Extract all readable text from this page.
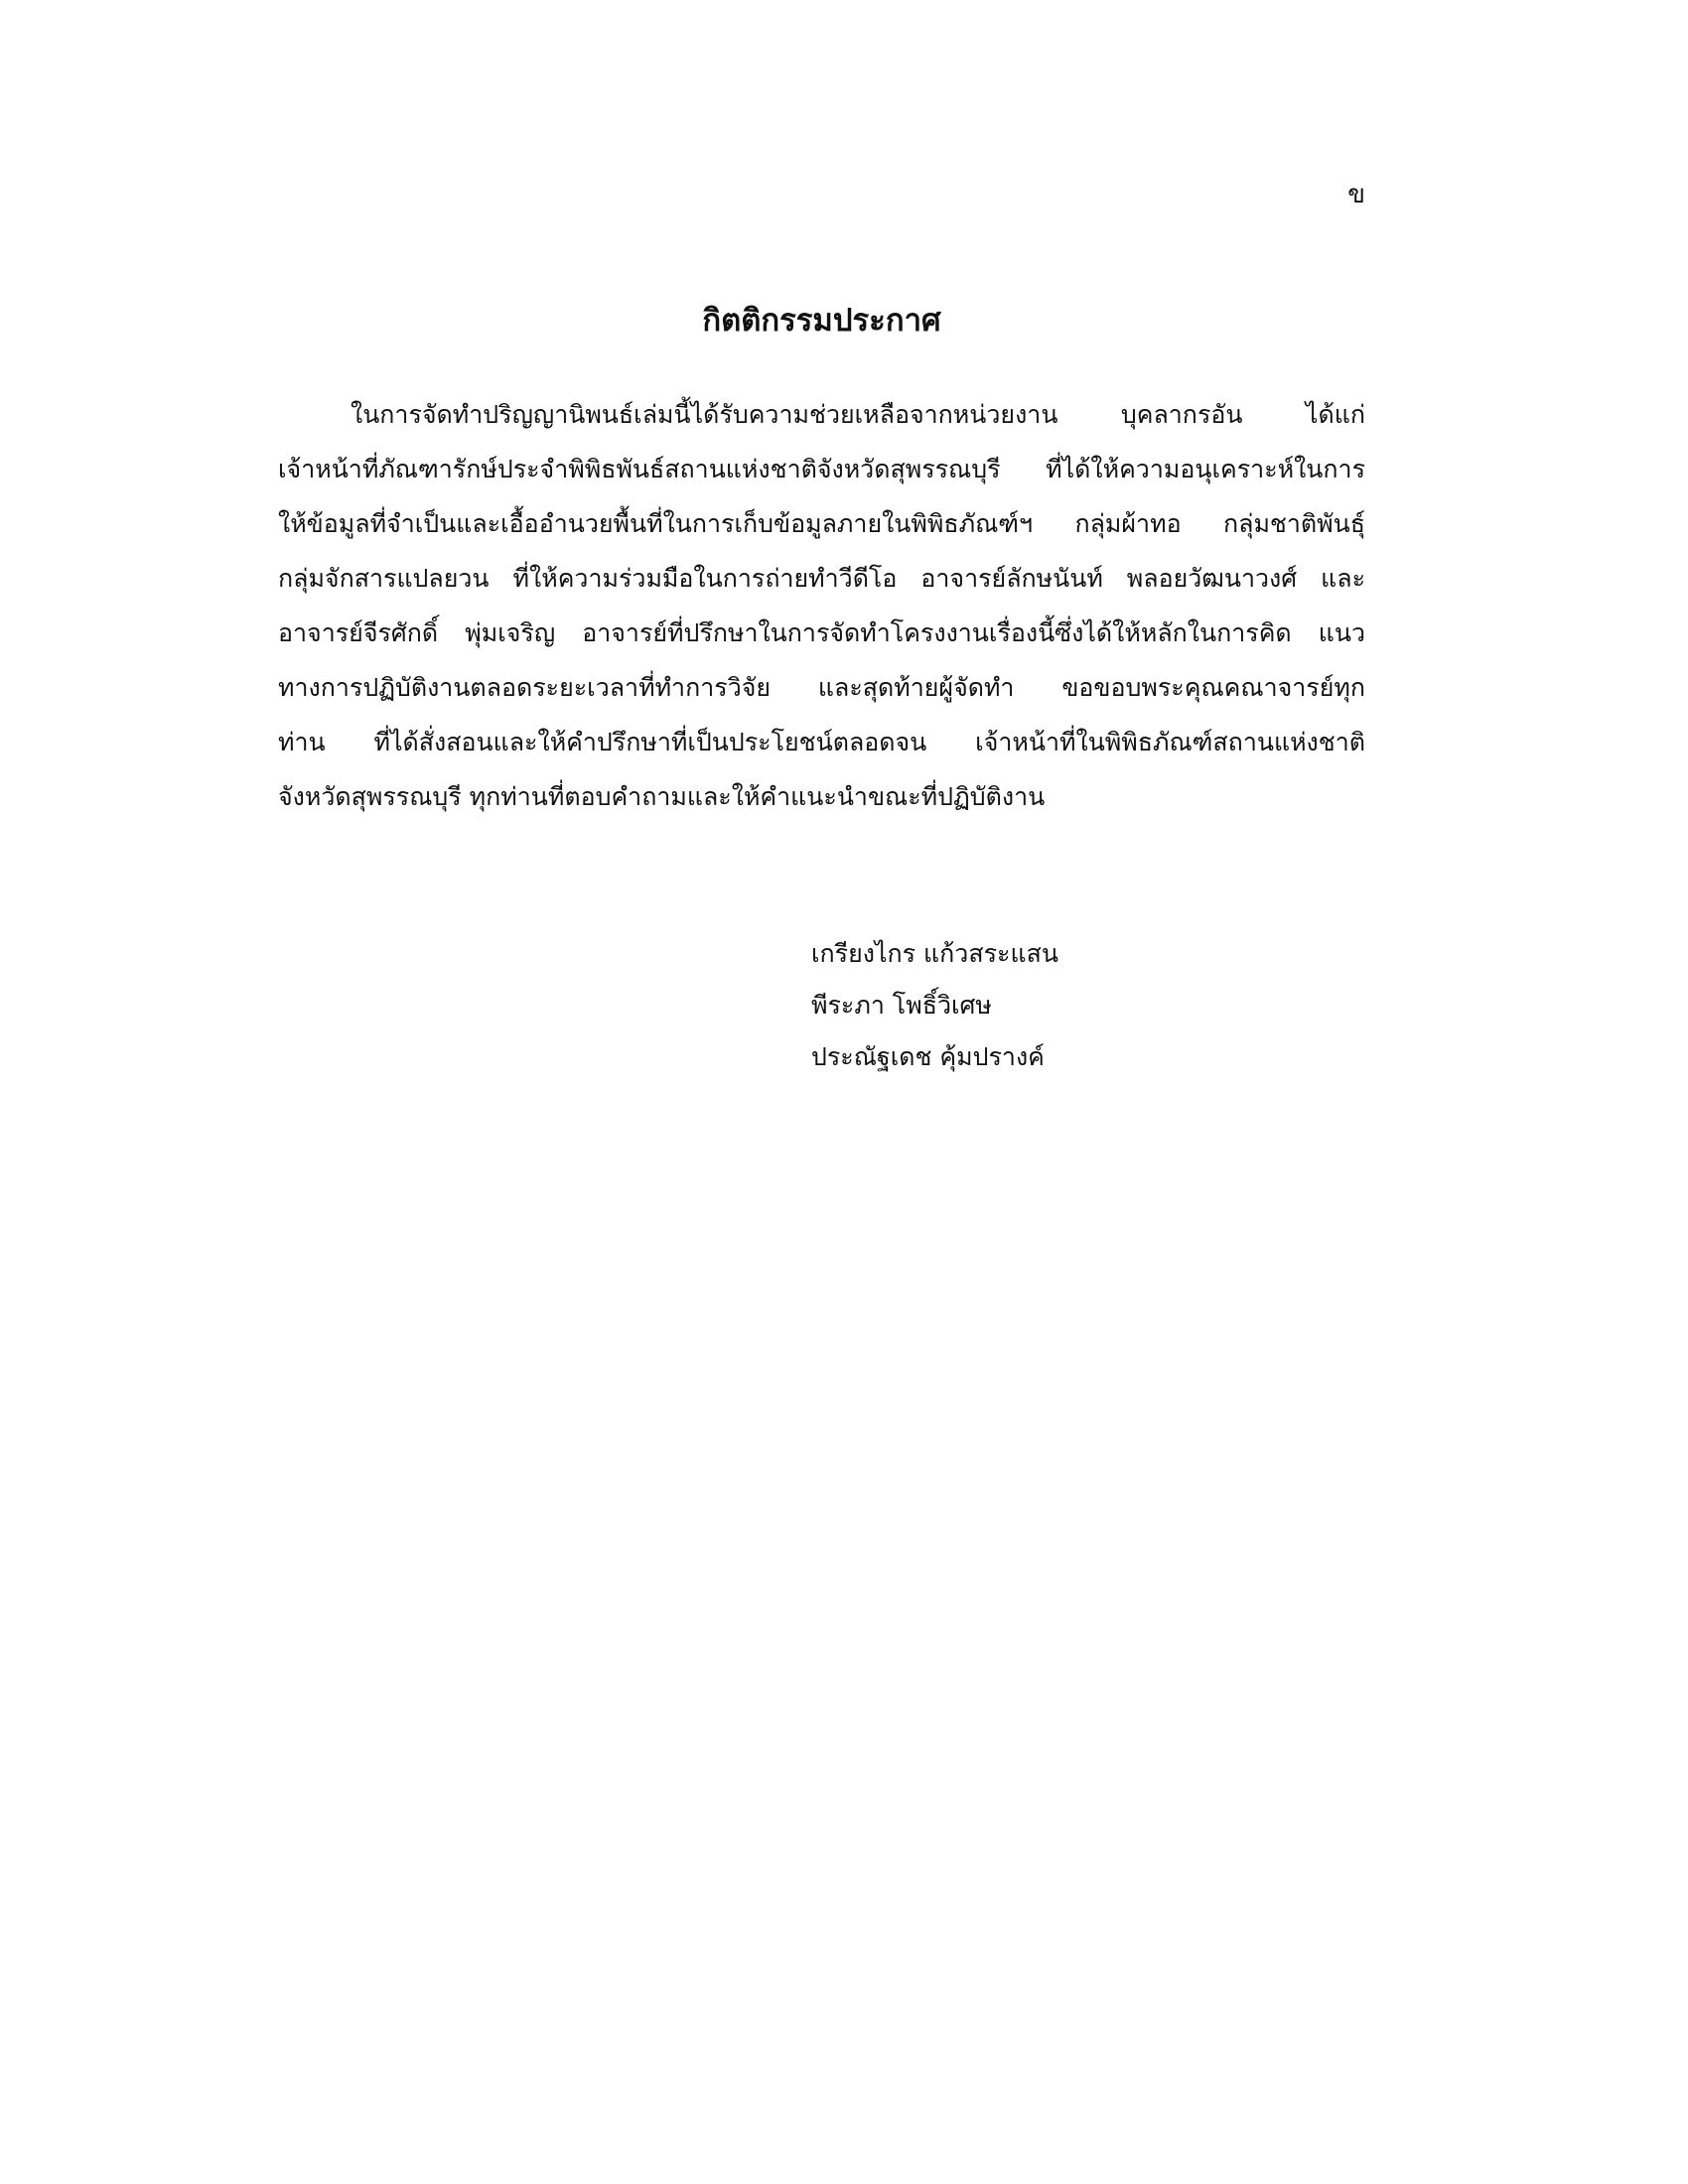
ข
กิตติกรรมประกาศ

ในการจัดทำปริญญานิพนธ์เล่มนี้ได้รับความช่วยเหลือจากหน่วยงาน บุคลากรอัน ได้แก่
เจ้าหน้าที่ภัณฑารักษ์ประจำพิพิธพันธ์สถานแห่งชาติจังหวัดสุพรรณบุรี ที่ได้ให้ความอนุเคราะห์ในการ
ให้ข้อมูลที่จำเป็นและเอื้ออำนวยพื้นที่ในการเก็บข้อมูลภายในพิพิธภัณฑ์ฯ กลุ่มผ้าทอ กลุ่มชาติพันธุ์
กลุ่มจักสารแปลยวน ที่ให้ความร่วมมือในการถ่ายทำวีดีโอ อาจารย์ลักษนันท์ พลอยวัฒนาวงศ์ และ
อาจารย์จีรศักดิ์ พุ่มเจริญ อาจารย์ที่ปรึกษาในการจัดทำโครงงานเรื่องนี้ซึ่งได้ให้หลักในการคิด แนว
ทางการปฏิบัติงานตลอดระยะเวลาที่ทำการวิจัย และสุดท้ายผู้จัดทำ ขอขอบพระคุณคณาจารย์ทุก
ท่าน ที่ได้สั่งสอนและให้คำปรึกษาที่เป็นประโยชน์ตลอดจน เจ้าหน้าที่ในพิพิธภัณฑ์สถานแห่งชาติ
จังหวัดสุพรรณบุรี ทุกท่านที่ตอบคำถามและให้คำแนะนำขณะที่ปฏิบัติงาน

เกรียงไกร แก้วสระแสน
พีระภา โพธิ์วิเศษ
ประณัฐเดช คุ้มปรางค์
